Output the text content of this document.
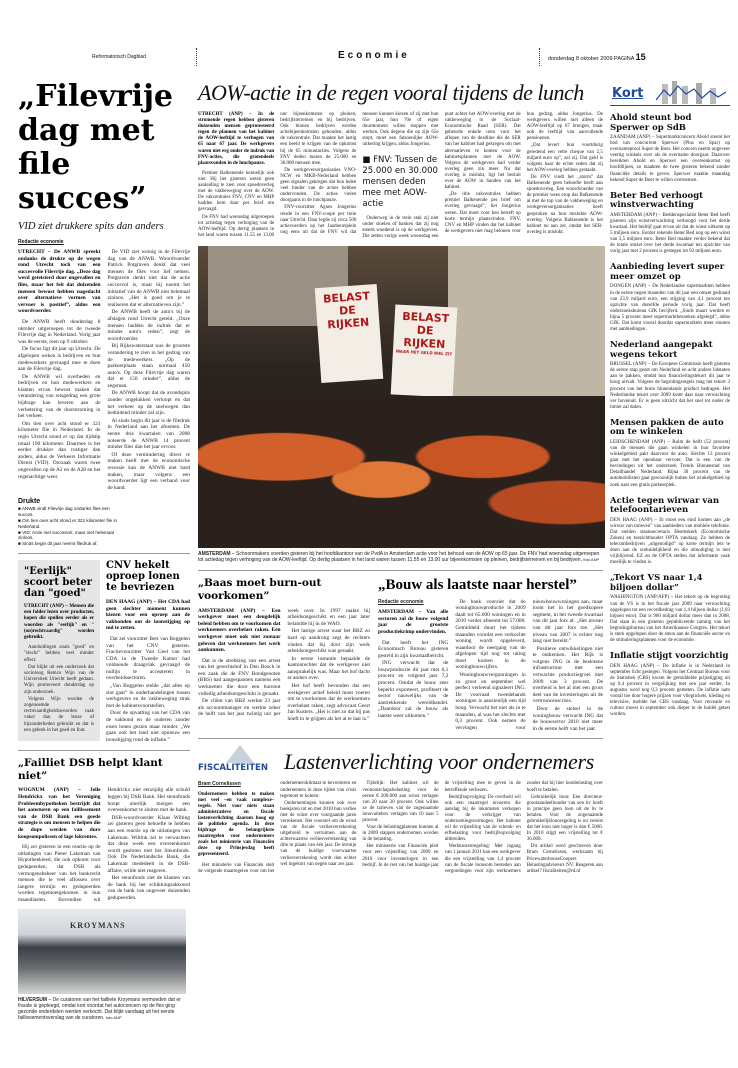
Reformatorisch Dagblad	Economie	donderdag 8 oktober 2009 PAGINA 15
„Filevrije dag met file succes”
VID ziet drukkere spits dan anders
Redactie economie

UTRECHT – De ANWB spreekt ondanks de drukte op de wegen rond Utrecht toch van een succesvolle Filevrije dag. „Deze dag werd geteisterd door ongevallen en files, maar het feit dat duizenden mensen bewust hebben nagedacht over alternatieve vormen van vervoer is positief”, aldus een woordvoerder.

De ANWB heeft donderdag 8 oktober uitgeroepen tot de tweede Filevrije dag in Nederland. Vorig jaar was de eerste, toen op 9 oktober.

De focus ligt dit jaar op Utrecht. De afgelopen weken is bedrijven en hun medewerkers gevraagd mee te doen aan de Filevrije dag.

De ANWB wil overheden en bedrijven en hun medewerkers en klanten ervan bewust maken dat verandering van reisgedrag een grote bijdrage kan leveren aan de verbetering van de doorstroming in het verkeer.

Om tien over acht stond er 321 kilometer file in Nederland. In de regio Utrecht stond er op dat tijdstip totaal 190 kilometer. Daarmee is het eerder drukker dan rustiger dan anders, aldus de Verkeers Informatie Dienst (VID). Oorzaak waren twee ongevallen op de A2 en de A28 en het regenachtige weer.

De VID ziet weinig in de Filevrije dag van de ANWB. Woordvoerder Patrick Potgraven denkt dat veel mensen de files voor lief nemen. Potgraven denkt niet dat de actie succesvol is, maar hij noemt het initiatief van de ANWB niet helemaal zinloos. „Het is goed om je te realiseren dat er alternatieven zijn.”

De ANWB heeft de auto's bij de afslagen rond Utrecht geteld. „Onze mensen hadden de indruk dat er minder auto's reden”, zegt de woordvoerder.

Bij Rijkswaterstaat was de grootste verandering te zien in het gedrag van de medewerkers. „Op de parkeerplaats staan normaal 450 auto's. Op deze Filevrije dag waren dat er 150 minder”, aldus de zegsman.

De ANWB hoopt dat de avondspits zonder ongelukken verloopt en dat het verkeer op de snelwegen dan beduidend minder zal zijn.

Al sinds begin dit jaar is de filedruk in Nederland aan het afnemen. De eerste drie kwartalen van 2008 noteerde de ANWB 14 procent minder files dan het jaar ervoor.

Of deze vermindering direct te maken heeft met de economische recessie kan de ANWB niet hard maken, maar volgens een woordvoerder ligt een verband voor de hand.

Drukte
■ ANWB vindt Filevrije dag ondanks files een succes.
■ Om tien over acht stond er 321 kilometer file in Nederland.
■ VID: Actie niet succesvol, maar niet helemaal zinloos.
■ Sinds begin dit jaar neemt filedruk af.
"Eerlijk" scoort beter dan "goed"

UTRECHT (ANP) – Mensen die een folder lezen over producten, kopen die spullen eerder als er woorden als "eerlijk" en "(on)rechtvaardig" worden gebruikt.

Aanduidingen zoals "goed" en "slecht" hebben veel minder effect.

Dat blijkt uit een onderzoek dat socioloog Remco Wijn van de Universiteit Utrecht heeft gedaan. Wijn promoveert donderdag op zijn onderzoek.

Volgens Wijn worden de zogenoemde rechtvaardigheidswoorden vaak vaker dan de leuze of bijzonderheden gebruikt en dat is een gebrek in het goed en fout.

CNV hekelt oproep lonen te bevriezen

DEN HAAG (ANP) – Het CDA had geen slechter moment kunnen kiezen voor een oproep aan de vakbonden om de loonstijging op nul te zetten.

Dat zei voorzitter Bert van Boggelen van het CNV gisteren. Fractievoorzitter Van Geel van het CDA in de Tweede Kamer had voldoende draagvlak gevraagd de nullijn te accepteren in overheidssectoren.

„Van Boggelen stelde „dat alles op slot gaat” in onderhandelingen tussen werkgevers en de vakbeweging strak met de kabinetsvoorstellen.

Door de opvatting van het CDA van de vakbond en de ouderen zonder eisen lonen gezien maar minder. „We gaan ook het land niet opnieuw een loonstijging rond de inflatie.”

„Failliet DSB helpt klant niet”

WOGNUM (ANP) – Jelle Hendrickx van het Vereniging Probleemhypotheken bestrijdt dat het aansturen op een faillissement van de DSB Bank een goede strategie is om mensen te helpen die de dupe werden van dure koopsompolissen of lage lokrentes.

Hij zei gisteren in een reactie op de uitlatingen van Pieter Lakeman van Hypotheekleed, die ook opkomt voor gedupeerden, dat DSB als vermogensbeheer van het bankrecht mensen die te veel aflossen over langere termijn en gedupeerden worden tegemoetgekomen in hun maandlasten. Bovendien wil Hendrickx niet eenzijdig alle schuld leggen bij DSB Bank. Het steunfonds hoopt uiterlijk morgen een overeenkomst te sluiten met de bank.

DSB-woordvoerder Klaas Wilting zei gisteren geen behoefte te hebben aan een reactie op de uitlatingen van Lakeman. Wiltink zei te verwachten dat deze week een overeenkomst wordt gesloten met het Steunfonds. Ook De Nederlandsche Bank, die Lakeman mededeelt in de DSB-affaire, wilde niet reageren.

Het steunfonds ziet de klanten van de bank bij het schikkingsakkoord van de bank van ongeveer duizenden gedupeerden.

KROYMANS
HILVERSUM – De curatoren van het failliete Kroymans vermoeden dat er fraude is gepleegd, omdat kort voordat het autoconcern op de fles ging gezonde onderdelen werden verkocht. Dat blijkt vandaag uit het eerste faillissementsverslag van de curatoren. foto ANP
AOW-actie in de regen vooral tijdens de lunch

UTRECHT (ANP) – In de stromende regen hebben gisteren duizenden mensen geprotesteerd tegen de plannen van het kabinet de AOW-leeftijd te verhogen van 65 naar 67 jaar. De werkgevers waren niet erg onder de indruk van FNV-acties, die grotendeels plaatsvonden in de lunchpauze.

Premier Balkenende kennelijk ook niet. Hij liet gisteren weten geen aanleiding te zien voor spoedoverleg met de vakbeweging over de AOW. De vakcentrales FNV, CNV en MHP hadden hem daar per brief om gevraagd.

De FNV had woensdag uitgeroepen tot actiedag tegen verhoging van de AOW-leeftijd. Op dertig plaatsen in het land waren tussen 11.55 en 13.00 uur bijeenkomsten op pleinen, bedrijfsterreinen en bij bedrijven. Ook binnen bedrijven werden actiebijeenkomsten gehouden, aldus de vakcentrale. Dat maakte het lastig een beeld te krijgen van de opkomst bij de 65 minuutacties. Volgens de FNV deden tussen de 25.000 en 30.000 mensen mee.

De werkgeversorganisaties VNO-NCW en MKB-Nederland hebben geen signalen gekregen dat hun leden veel hinder van de acties hebben ondervonden. De acties vielen doorgaans in de lunchpauze.

FNV-voorzitter Agnes Jongerius reisde in een FNV-coupé per trein naar Utrecht. Daar legde zij circa 500 actievoerders op het Jaarbeursplein nog eens uit dat de FNV wil dat mensen kunnen kiezen of zij met hun 65e jaar, hun 70e of eigen duurmoment willen stoppen met werken. Ook degene die op zijn 65e stopt, moet een fatsoenlijke AOW-uitkering krijgen, aldus Jongerius.

■ FNV: Tussen de 25.000 en 30.000 mensen deden mee met AOW-actie

Onderweg in de trein stak zij niet onder stoelen of banken dat zij nog steeds woedend is op de werkgevers. Die zetten vorige week woensdag een punt achter het AOW-overleg met de vakbeweging in de Sociaal-Economische Raad (SER). Dat gebeurde enkele uren voor het aflopen van de deadline die de SER van het kabinet had gekregen om met alternatieven te komen voor de kabinetsplannen met de AOW. Volgens de werkgevers had verder overleg geen zin meer. Nu dat overleg is mislukt, ligt het besluit over de AOW in handen van het kabinet.

„De drie vakcentrales hebben premier Balkenende per brief om overleg gevraagd”, liet Jongerius weten. Dat moet voor hen betreft op korte termijn plaatsvinden. FNV, CNV en MHP vinden dat het kabinet de werkgevers niet mag belonen voor hun gedrag, aldus Jongerius. De werkgevers willen niet alleen de AOW-leeftijd op 67 brengen, maar ook de leeftijd van aanvullende pensioenen.

„Dat levert hun voortdurig geredend een vette cheque van 2,5 miljard euro op”, zei zij. Dat geld is volgens haar de echte reden dat zij het AOW-overleg hebben gestaakt.

De FNV vindt het „storm” dat Balkenende geen behoefte heeft aan spoedoverleg. Een woordvoerder van de premier wees erop dat Balkenende al met de top van de vakbeweging en werkgeversorganisaties heeft gesproken na hun mislukte AOW-overleg. Volgens Balkenende is het kabinet nu aan zet, omdat het SER-overleg is mislukt.

BELAST DE RIJKEN	BELAST DE RIJKEN
WAAR HET GELD WEL ZIT
AMSTERDAM – Schoonmakers voerden gisteren bij het hoofdkantoor van de PvdA in Amsterdam actie voor het behoud van de AOW op 65 jaar. De FNV had woensdag uitgeroepen tot actiedag tegen verhoging van de AOW-leeftijd. Op dertig plaatsen in het land waren tussen 11.55 en 13.00 uur bijeenkomsten op pleinen, bedrijfsterreinen en bij bedrijven. foto ANP
„Baas moet burn-out voorkomen”

AMSTERDAM (ANP) – Een werkgever moet een deugdelijk beleid hebben om te voorkomen dat werknemers overbelast raken. Een werkgever moet ook niet zomaar geloven dat werknemers het werk aankunnen.

Dat is de strekking van een arrest van het gerechtshof in Den Bosch in een zaak die de FNV Bondgenoten (BBS) had aangespannen namens een werknemer die door een burnout volledig arbeidsongeschikt is geraakt.

De cliënt van BBZ werkte 23 jaar als accountmanager en werkte zeker de helft van het jaar twintig uur per week over. In 1997 raakte hij arbeidsongeschikt en een jaar later belandde hij in de WAO.

Het lastige arrest waar het BBZ zo hard op aandrong zegt de rechters vinden dat hij door zijn werk arbeidsongeschikt was geraakt.

In eerste instantie bepaalde de kantonrechter dat de werkgever niet aansprakelijk was. Maar het hof dacht er anders over.

Het hof heeft bevonden dat een werkgever actief beleid moet voeren om te voorkomen dat de werknemers overbelast raken, zegt advocaat Geert Jan Kusters. „Het is niet zo dat hij pas hoeft in te grijpen als het al te laat is.”

„Bouw als laatste naar herstel”
Redactie economie

AMSTERDAM – Van alle sectoren zal de bouw volgend jaar de grootste productiekrimp ondervinden.

Dat heeft het ING Economisch Bureau gisteren gesteld in zijn kwartaalbericht.

ING verwacht dat de bouwproductie dit jaar met 6,1 procent en volgend jaar 7,2 procent. Omdat de bouw zeer beperkt exporteert, profiteert de sector nauwelijks van de aantrekkende wereldhandel. „Daardoor zal de bouw als laatste weer uitkomen.”

De bank voorziet dat de woningbouwproductie in 2009 daalt tot 65.000 woningen en in 2010 verder afneemt tot 57.000. Gemiddeld duurt het tijdens maanden voordat een verkochte woning wordt opgeleverd, waardoor de neergang van de afgelopen tijd nog tot uiting moet komen in de woningbouwcijfers.

Woningbouwvergunningen in zo groot en september wel perfect verleend signaleert ING. De voorraad tweedehands woningen is aanzienlijk een tijd hoog. Verwacht het niet als in te maanden, al was het slechts met 0,3 procent. Ook nemen de vervingen voor nieuwbouwwoningen aan, maar loont het in het goedkopere segment, in het tweede kwartaal van dit jaar fors af. „Het niveau van dit jaar fors toe. „Het niveau van 2007 is echter nog lang niet bereikt.”

Positieve ontwikkelingen niet te ontkennen. Het Rijk is volgens ING in de beslotene infrastructuur met een verwachte productiegroei met 2009 van 3 procent. De overheid is het al met een groot deel van de investeringen uit de vertrouwenscrisis.

Door de stelsel in de woningbouw verwacht ING dat de bouwsector 2010 niet meer in de eerste helft van het jaar.

FISCALITEITEN Lastenverlichting voor ondernemers
Bram Cornelissen

Ondernemers hebben te maken met veel –en vaak complexe– regels. Niet voor niets staan administratieve en fiscale lastenverlichting daarom hoog op de politieke agenda. In deze bijdrage de belangrijkste maatregelen voor ondernemers zoals het ministerie van Financiën deze op Prinsjesdag heeft gepresenteerd.

Het ministerie van Financiën stelt de volgende maatregelen voor om het ondernemersklimaat te bevorderen en ondernemers in deze tijden van crisis tegemoet te komen:

Ondernemingen kunnen ook over boekjaren tot en met 2010 hun verlies met de winst over voorgaande jaren verrekenen. Het voorstel om de winst van de fiscale verliesverrekening uitgebreid te verruimen aan de achterwaartse verliesverrekening van drie in plaats van één jaar. De termijn van de huidige voorwaartse verliesverrekening wordt dan echter wel ingekort van negen naar zes jaar.

Tijdelijk: Het kabinet wil de vennootschapsbelasting voor de eerste € 200.000 aan winst verlagen van 20 naar 20 procent. Ook willen ze de tarieven van de zogenaamde innovatiebox verlagen van 10 naar 5 procent.

Voor de belastingplannen kunnen al in 2009 stappen ondernomen worden in de belasting.

Het ministerie van Financiën pleit voor een vrijstelling van 2009 en 2010 voor investeringen in een bedrijf. In de rest van het huidige jaar de vrijstelling mee te geven in de betreffende verliezen.

Bedrijfsopvolging: De overheid wil ook een maatregel invoeren die aanslag bij de inkomsten verkopen voor de verkrijger van ondernemingsvermogen. Het kabinet wil de vrijstelling van de schenk- en erfbelasting voor bedrijfsopvolging uitbreiden.

Werkkostenregeling: Met ingang van 1 januari 2011 kan een werkgever die een vrijstelling van 1,4 procent van de fiscale loonsom besteden aan vergoedingen voor zijn werknemers zonder dat hij hier loonbelasting over hoeft te betalen.

Gebruikelijk loon: Een directeur-grootaandeelhouder van een bv hoeft in principe geen loon uit de bv te betalen. Voor de zogenaamde gebruikelijkloonregeling is nu vereist dat het loon niet hoger is dan € 5000. In 2010 stijgt een vrijstelling tot € 36.000.

Dit artikel werd geschreven door Bram Cornelissen, werkzaam bij PricewaterhouseCoopers Belastingadviseurs NV. Reageren aan artikel? fiscaliteiten@rd.nl

Kort
Ahold steunt bod Sperwer op SdB
ZAANDAM (ANP) – Supermarktconcern Ahold steunt het bod van concurrent Sperwer (Plus en Spar) op overnameprooi Super de Boer. Het concern neemt ongeveer veertig winkels over als de overname doorgaat. Daarover bereikten Ahold en Sperwer een overeenkomst op hoofdlijnen, zo maakten de twee gisteren bekend zonder financiële details te geven. Sperwer maakte maandag bekend Super de Boer te willen overnemen.
Beter Bed verhoogt winstverwachting
AMSTERDAM (ANP) – Beddenspecialist Beter Bed heeft gisteren zijn winstverwachting verhoogd voor het derde kwartaal. Het bedrijf gaat ervan uit dat de winst uitkomt op 5 miljoen euro. Eerder rekende Beter Bed nog op een winst van 3,5 miljoen euro. Beter Bed maakte verder bekend dat de totale omzet over het derde kwartaal ten opzichte van vorig jaar met 2 procent is gestegen tot 92 miljoen euro.
Aanbieding levert super meer omzet op
DONGEN (ANP) – De Nederlandse supermarkten hebben in de eerste negen maanden van dit jaar een omzet gedraaid van 23,9 miljard euro, een stijging van 4,1 procent ten opzichte van dezelfde periode vorig jaar. Dat heeft onderzoeksbureau GfK becijferd. „Sinds maart worden er bijna 5 procent meer supermarktbezoeken afgelegd”, aldus GfK. Dat komt vooral doordat supermarkten meer stunten met aanbiedingen.
Nederland aangepakt wegens tekort
BRUSSEL (ANP) – De Europese Commissie heeft gisteren de eerste stap gezet om Nederland en acht andere lidstaten aan te pakken, omdat hun financieringstekort dit jaar te hoog uitvalt. Volgens de begrotingsregels mag het tekort 3 procent van het bruto binnenlands product bedragen. Het Nederlandse tekort over 2009 komt daar naar verwachting ver bovenuit. Er is geen uitzicht dat het snel tot onder de limiet zal dalen.
Mensen pakken de auto om te winkelen
LEIDSCHENDAM (ANP) – Ruim de helft (52 procent) van de mensen die gaan winkelen in hun favoriete winkelgebied pakt daarvoor de auto. Slechts 13 procent gaat met het openbaar vervoer. Dat is een van de bevindingen uit het onderzoek Trends Binnenstad van Detailhandel Nederland. Bijna 30 procent van de automobilisten gaat gewoonlijk buiten het winkelgebied op zoek naar een gratis parkeerplek.
Actie tegen wirwar van telefoontarieven
DEN HAAG (ANP) – Er moet een eind komen aan „de wirwar van tarieven” van aanbieders van mobiele telefonie. Dat stelden staatssecretaris Heemskerk (Economische Zaken) en toezichthouder OPTA vandaag. Zo hebben de telecombedrijven „uitgenodigd” op korte termijn iets te doen aan de onduidelijkheid en die uitnodiging is niet vrijblijvend. EZ en de OPTA stellen dat informatie vaak moeilijk te vinden is.
„Tekort VS naar 1,4 biljoen dollar”
WASHINGTON (ANP/AFP) – Het tekort op de begroting van de VS is in het fiscale jaar 2009 naar verwachting opgelopen tot een recordbedrag van 1,4 biljoen dollar (1,03 biljoen euro). Dat is 960 miljard dollar meer dan in 2008. Dat staat in een gisteren gepubliceerde raming van het begrotingsbureau van het Amerikaanse Congres. Het tekort is sterk opgelopen door de steun aan de financiële sector en de stimuleringsplannen voor de economie.
Inflatie stijgt voorzichtig
DEN HAAG (ANP) – De inflatie is in Nederland in september licht gestegen. Volgens het Centraal Bureau voor de Statistiek (CBS) kwam de gemiddelde prijsstijging uit op 0,4 procent in vergelijking met een jaar eerder. In augustus werd nog 0,3 procent gemeten. De inflatie nam vooral toe door hogere prijzen voor vliegtickets, kleding en televisies, meldde het CBS vandaag. Voor recreatie en cultuur moest in september ook dieper in de buidel getast worden.
